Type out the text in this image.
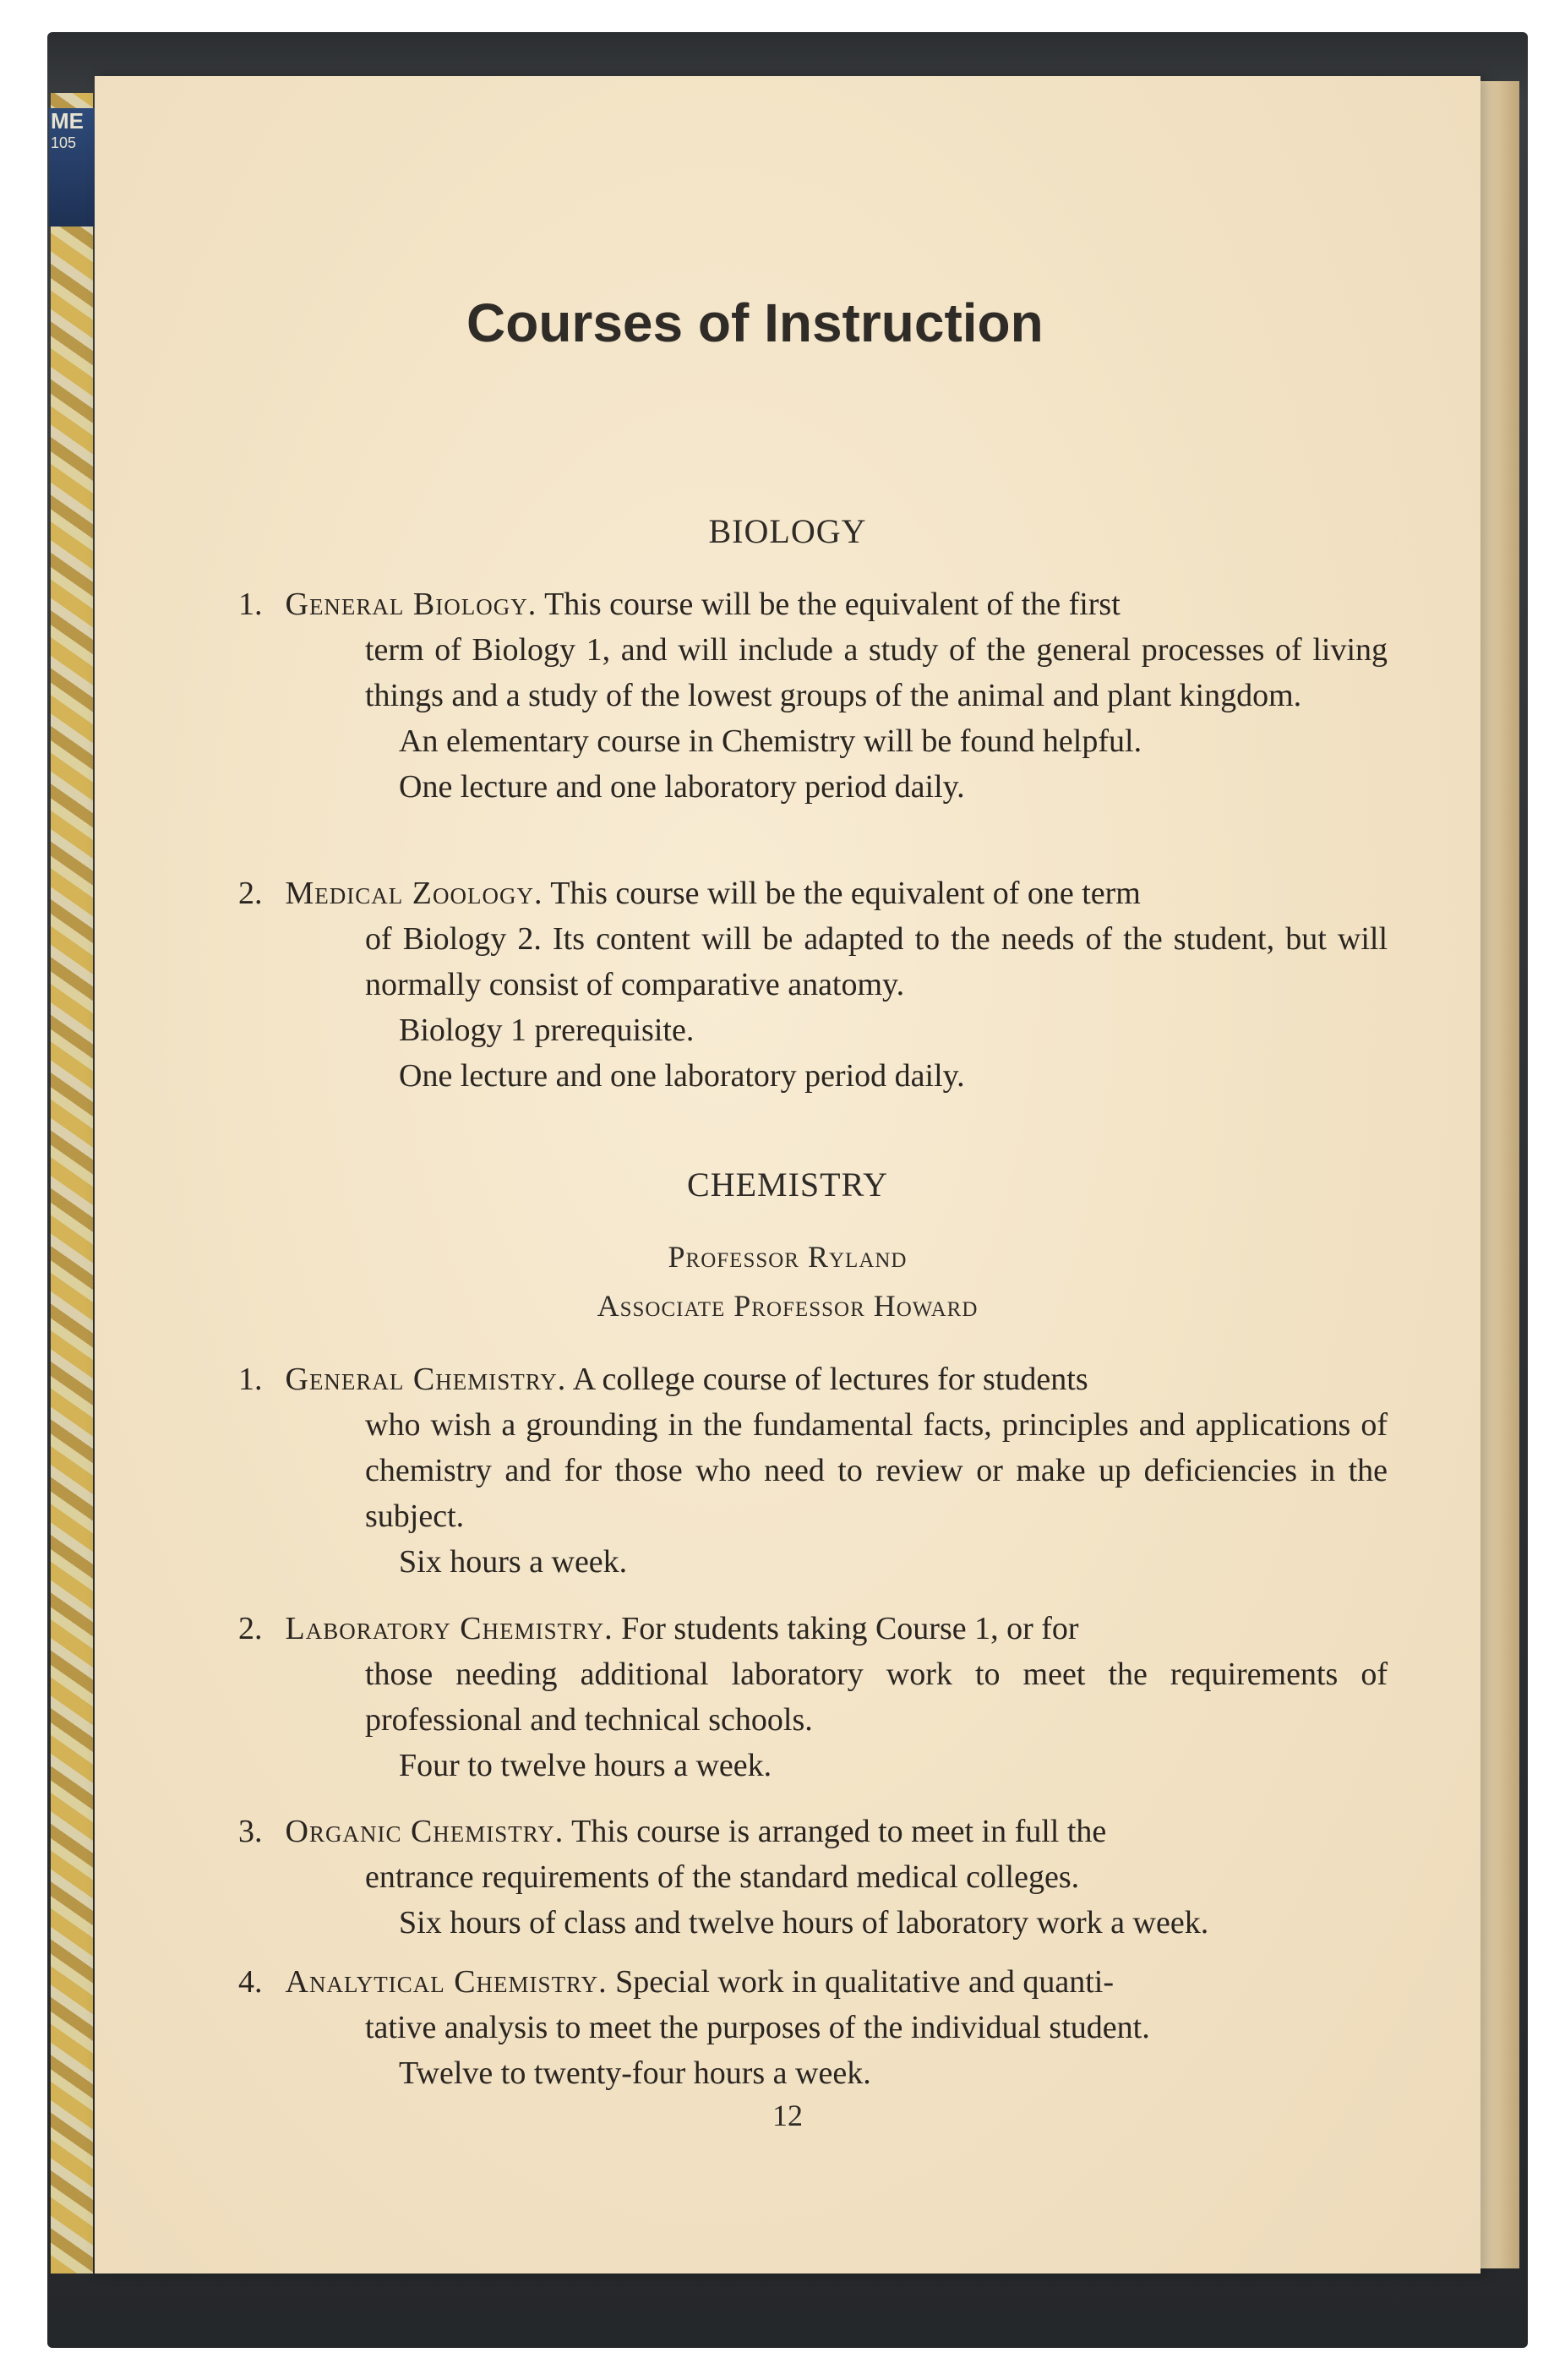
ME
105
Courses of Instruction
BIOLOGY
1. General Biology. This course will be the equivalent of the first
term of Biology 1, and will include a study of the general processes of living things and a study of the lowest groups of the animal and plant kingdom.
An elementary course in Chemistry will be found helpful.
One lecture and one laboratory period daily.
2. Medical Zoology. This course will be the equivalent of one term
of Biology 2. Its content will be adapted to the needs of the student, but will normally consist of comparative anatomy.
Biology 1 prerequisite.
One lecture and one laboratory period daily.
CHEMISTRY
Professor Ryland
Associate Professor Howard
1. General Chemistry. A college course of lectures for students
who wish a grounding in the fundamental facts, principles and applications of chemistry and for those who need to review or make up deficiencies in the subject.
Six hours a week.
2. Laboratory Chemistry. For students taking Course 1, or for
those needing additional laboratory work to meet the requirements of professional and technical schools.
Four to twelve hours a week.
3. Organic Chemistry. This course is arranged to meet in full the
entrance requirements of the standard medical colleges.
Six hours of class and twelve hours of laboratory work a week.
4. Analytical Chemistry. Special work in qualitative and quanti-
tative analysis to meet the purposes of the individual student.
Twelve to twenty-four hours a week.
12
